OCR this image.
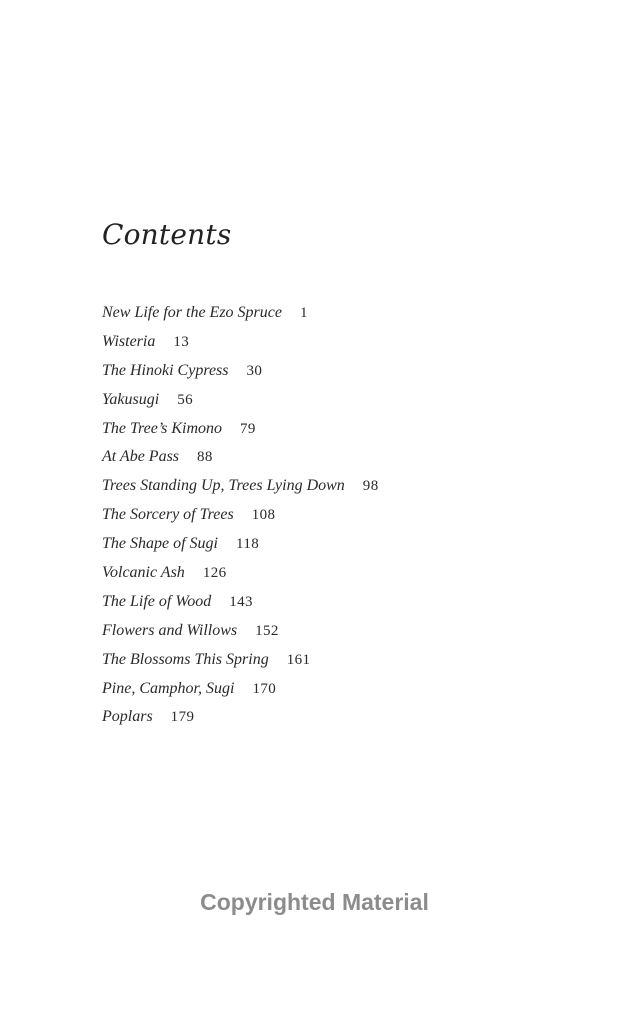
Contents
New Life for the Ezo Spruce 1
Wisteria 13
The Hinoki Cypress 30
Yakusugi 56
The Tree’s Kimono 79
At Abe Pass 88
Trees Standing Up, Trees Lying Down 98
The Sorcery of Trees 108
The Shape of Sugi 118
Volcanic Ash 126
The Life of Wood 143
Flowers and Willows 152
The Blossoms This Spring 161
Pine, Camphor, Sugi 170
Poplars 179
Copyrighted Material
